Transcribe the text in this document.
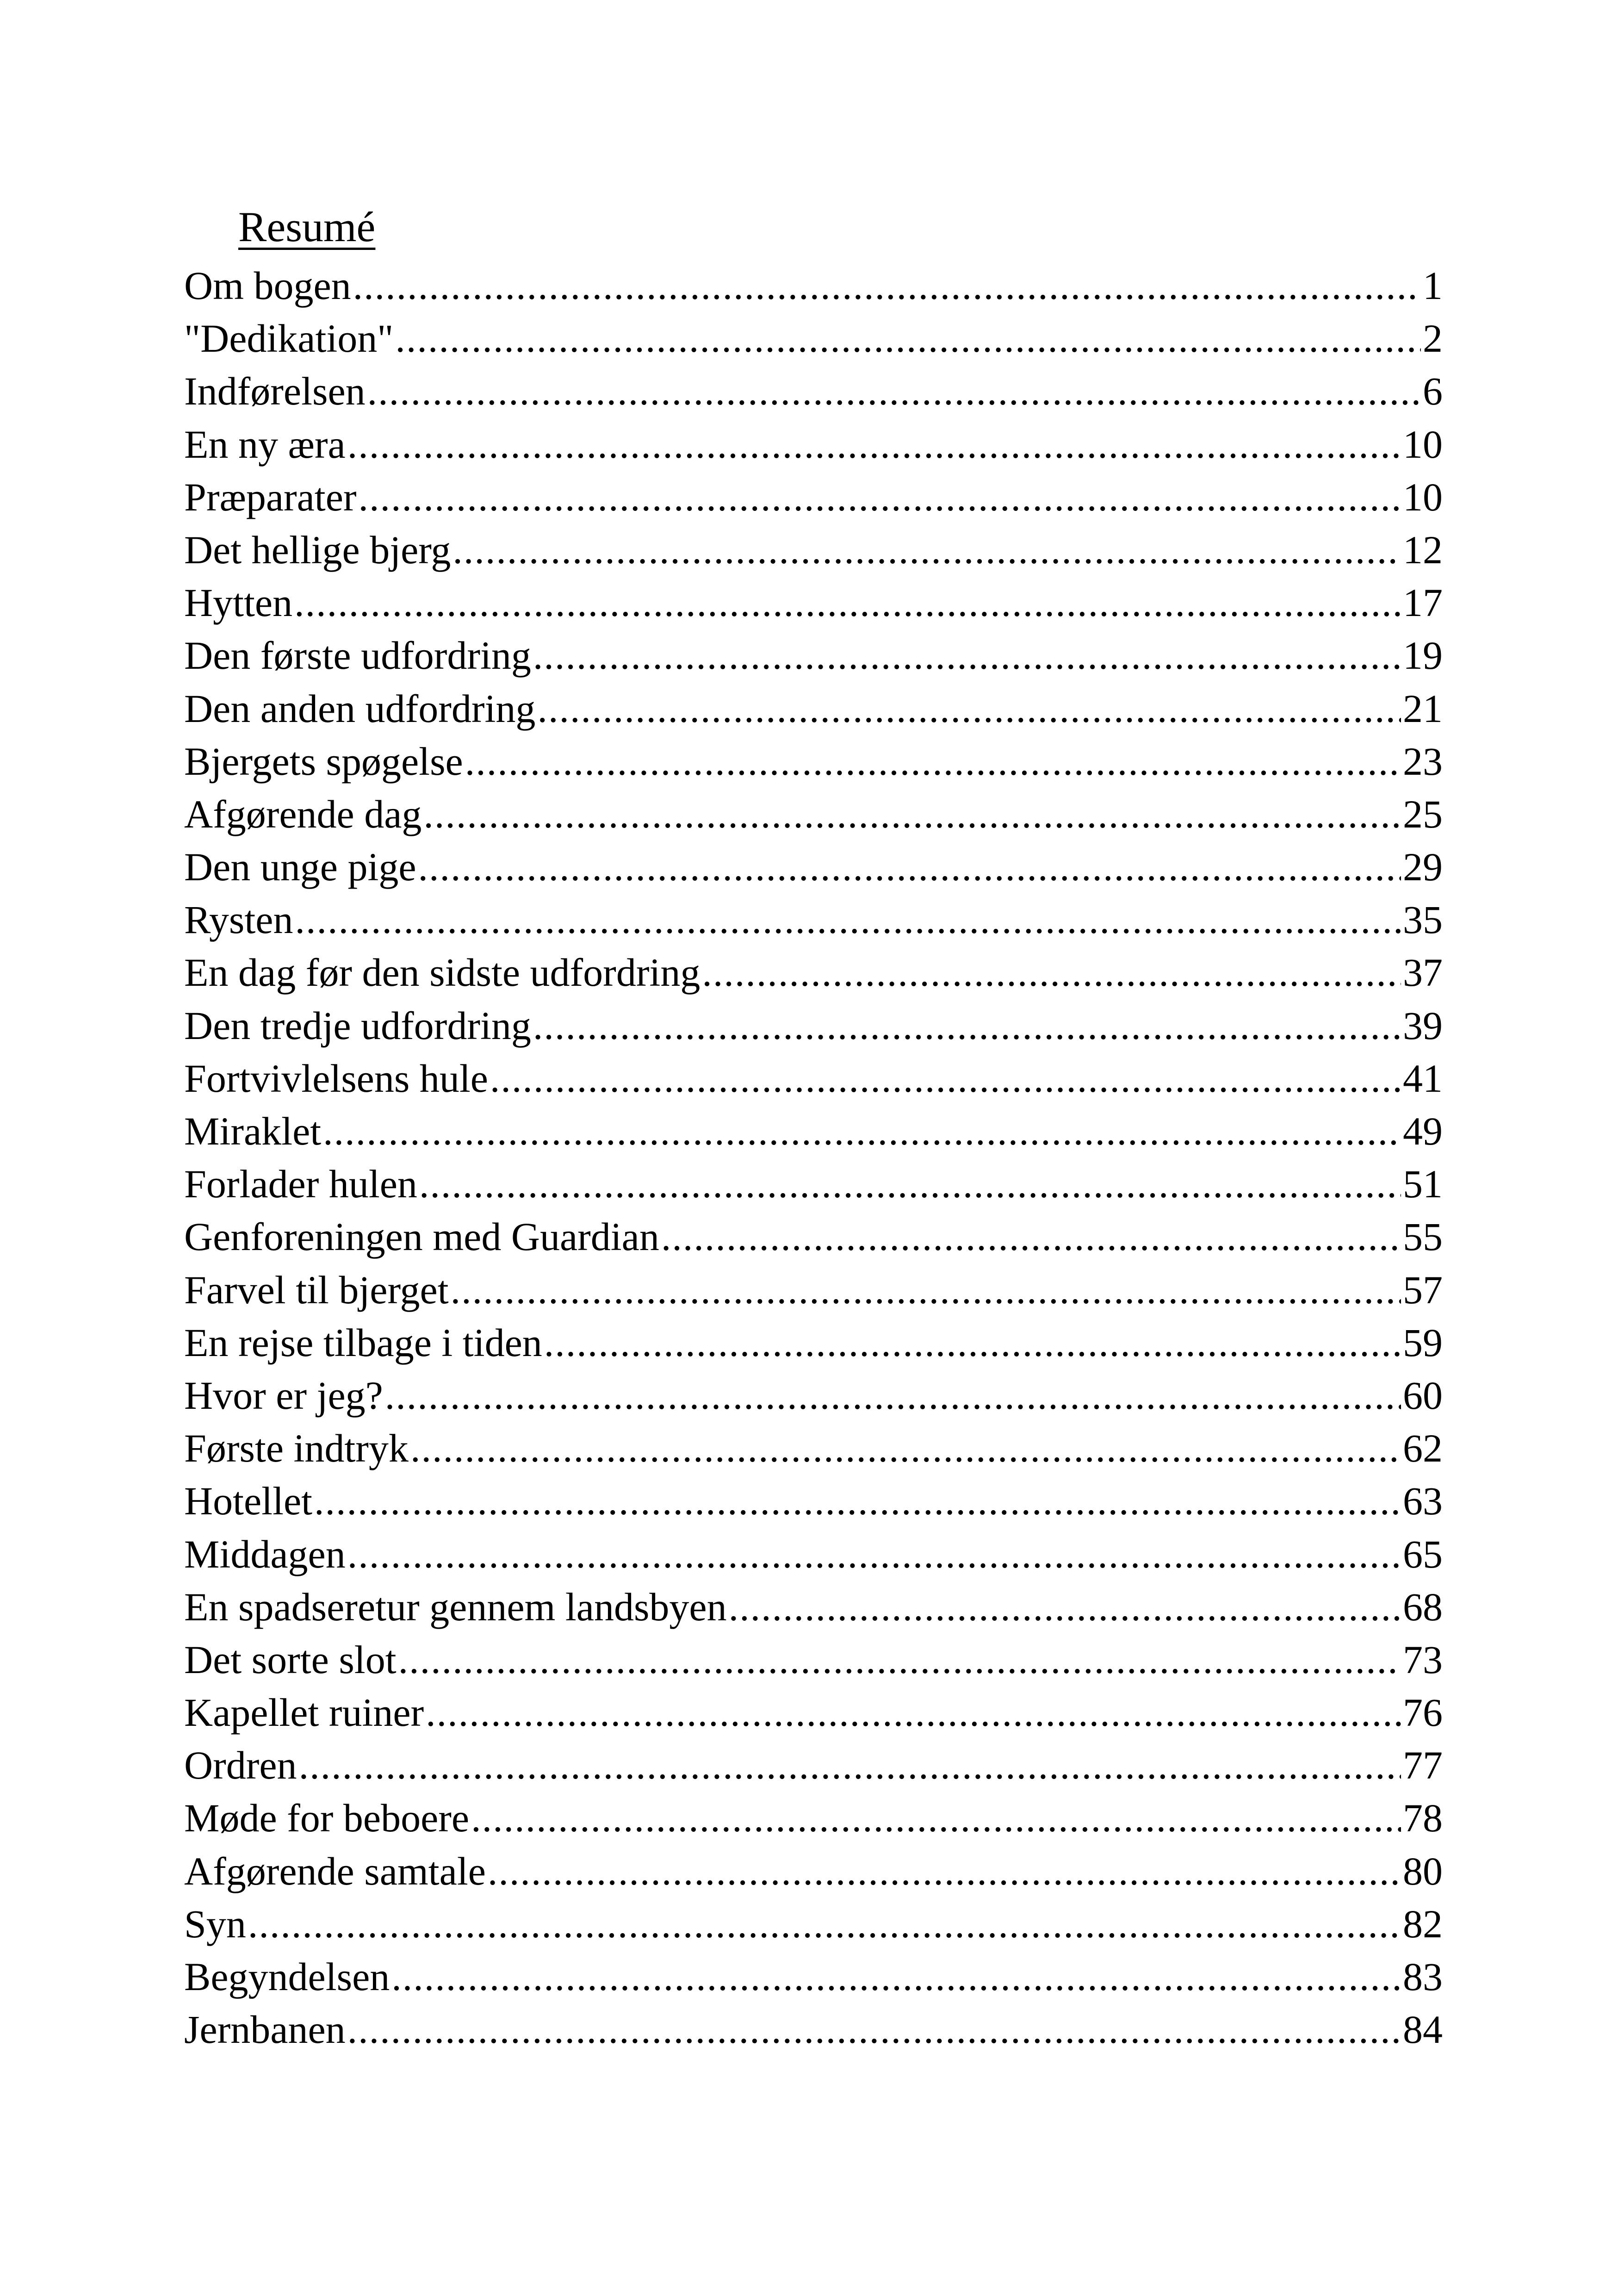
Resumé
Om bogen .....	1
"Dedikation" .....	2
Indførelsen .....	6
En ny æra .....	10
Præparater .....	10
Det hellige bjerg .....	12
Hytten .....	17
Den første udfordring .....	19
Den anden udfordring .....	21
Bjergets spøgelse .....	23
Afgørende dag .....	25
Den unge pige .....	29
Rysten .....	35
En dag før den sidste udfordring .....	37
Den tredje udfordring .....	39
Fortvivlelsens hule .....	41
Miraklet .....	49
Forlader hulen .....	51
Genforeningen med Guardian .....	55
Farvel til bjerget .....	57
En rejse tilbage i tiden .....	59
Hvor er jeg? .....	60
Første indtryk .....	62
Hotellet .....	63
Middagen .....	65
En spadseretur gennem landsbyen .....	68
Det sorte slot .....	73
Kapellet ruiner .....	76
Ordren .....	77
Møde for beboere .....	78
Afgørende samtale .....	80
Syn .....	82
Begyndelsen .....	83
Jernbanen .....	84
